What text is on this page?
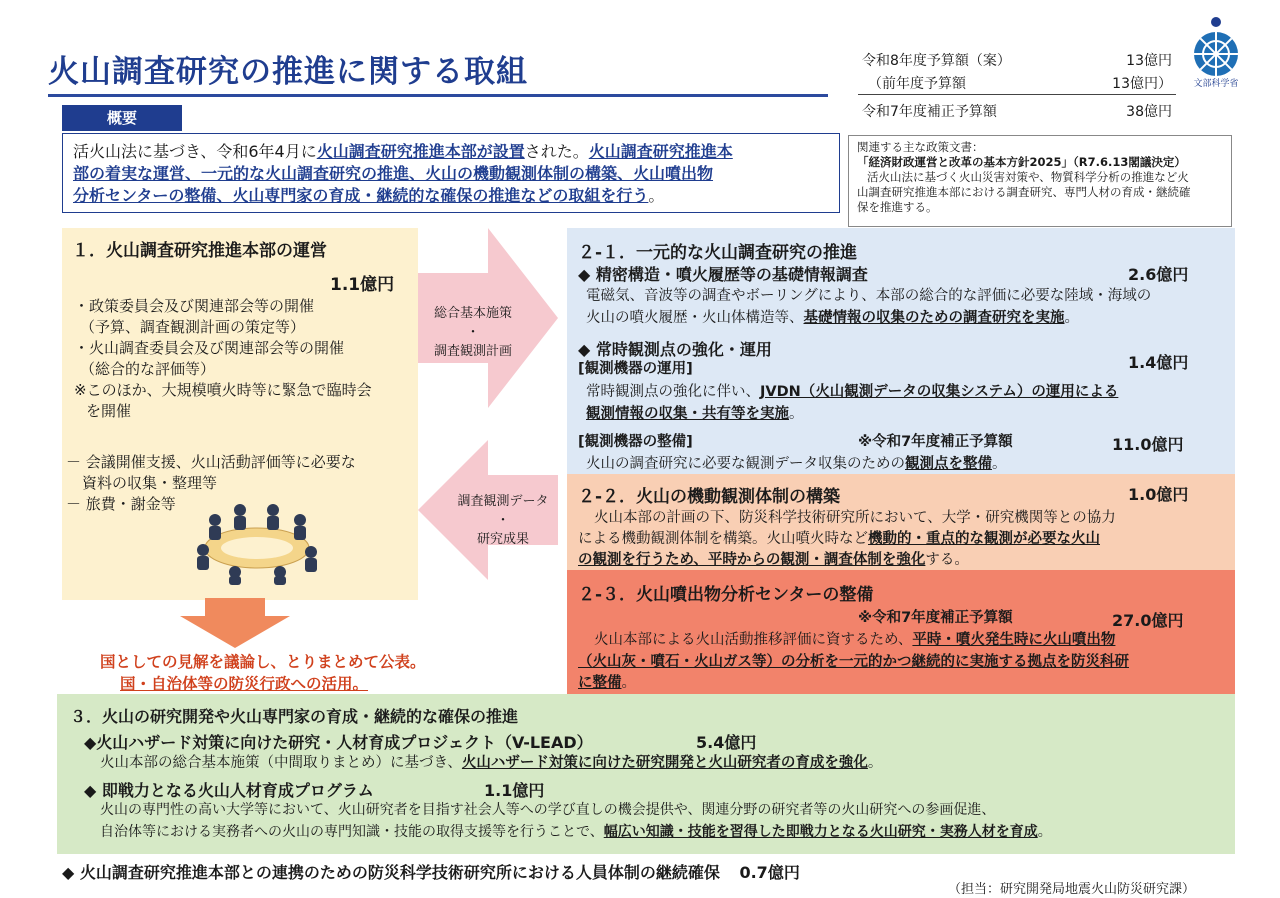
火山調査研究の推進に関する取組	令和8年度予算額（案）	13億円
（前年度予算額	13億円）
令和7年度補正予算額	38億円
文部科学省
概要
活火山法に基づき、令和6年4月に火山調査研究推進本部が設置された。火山調査研究推進本
部の着実な運営、一元的な火山調査研究の推進、火山の機動観測体制の構築、火山噴出物
分析センターの整備、火山専門家の育成・継続的な確保の推進などの取組を行う。
関連する主な政策文書：
「経済財政運営と改革の基本方針2025」（R7.6.13閣議決定）
活火山法に基づく火山災害対策や、物質科学分析の推進など火
山調査研究推進本部における調査研究、専門人材の育成・継続確
保を推進する。
１．火山調査研究推進本部の運営
1.1億円
・政策委員会及び関連部会等の開催
（予算、調査観測計画の策定等）
・火山調査委員会及び関連部会等の開催
（総合的な評価等）
※このほか、大規模噴火時等に緊急で臨時会
を開催
－ 会議開催支援、火山活動評価等に必要な
資料の収集・整理等
－ 旅費・謝金等
総合基本施策
・
調査観測計画
調査観測データ
・
研究成果
２-１．一元的な火山調査研究の推進
◆ 精密構造・噴火履歴等の基礎情報調査	2.6億円
電磁気、音波等の調査やボーリングにより、本部の総合的な評価に必要な陸域・海域の
火山の噴火履歴・火山体構造等、基礎情報の収集のための調査研究を実施。
◆ 常時観測点の強化・運用
1.4億円
[観測機器の運用]
常時観測点の強化に伴い、JVDN（火山観測データの収集システム）の運用による
観測情報の収集・共有等を実施。
[観測機器の整備]	※令和7年度補正予算額	11.0億円
火山の調査研究に必要な観測データ収集のための観測点を整備。
２-２．火山の機動観測体制の構築	1.0億円
火山本部の計画の下、防災科学技術研究所において、大学・研究機関等との協力
による機動観測体制を構築。火山噴火時など機動的・重点的な観測が必要な火山
の観測を行うため、平時からの観測・調査体制を強化する。
２-３．火山噴出物分析センターの整備
※令和7年度補正予算額	27.0億円
火山本部による火山活動推移評価に資するため、平時・噴火発生時に火山噴出物
（火山灰・噴石・火山ガス等）の分析を一元的かつ継続的に実施する拠点を防災科研
に整備。
国としての見解を議論し、とりまとめて公表。
国・自治体等の防災行政への活用。
３．火山の研究開発や火山専門家の育成・継続的な確保の推進
◆火山ハザード対策に向けた研究・人材育成プロジェクト（V-LEAD）	5.4億円
火山本部の総合基本施策（中間取りまとめ）に基づき、火山ハザード対策に向けた研究開発と火山研究者の育成を強化。
◆ 即戦力となる火山人材育成プログラム	1.1億円
火山の専門性の高い大学等において、火山研究者を目指す社会人等への学び直しの機会提供や、関連分野の研究者等の火山研究への参画促進、
自治体等における実務者への火山の専門知識・技能の取得支援等を行うことで、幅広い知識・技能を習得した即戦力となる火山研究・実務人材を育成。
◆ 火山調査研究推進本部との連携のための防災科学技術研究所における人員体制の継続確保 0.7億円
（担当：研究開発局地震火山防災研究課）
